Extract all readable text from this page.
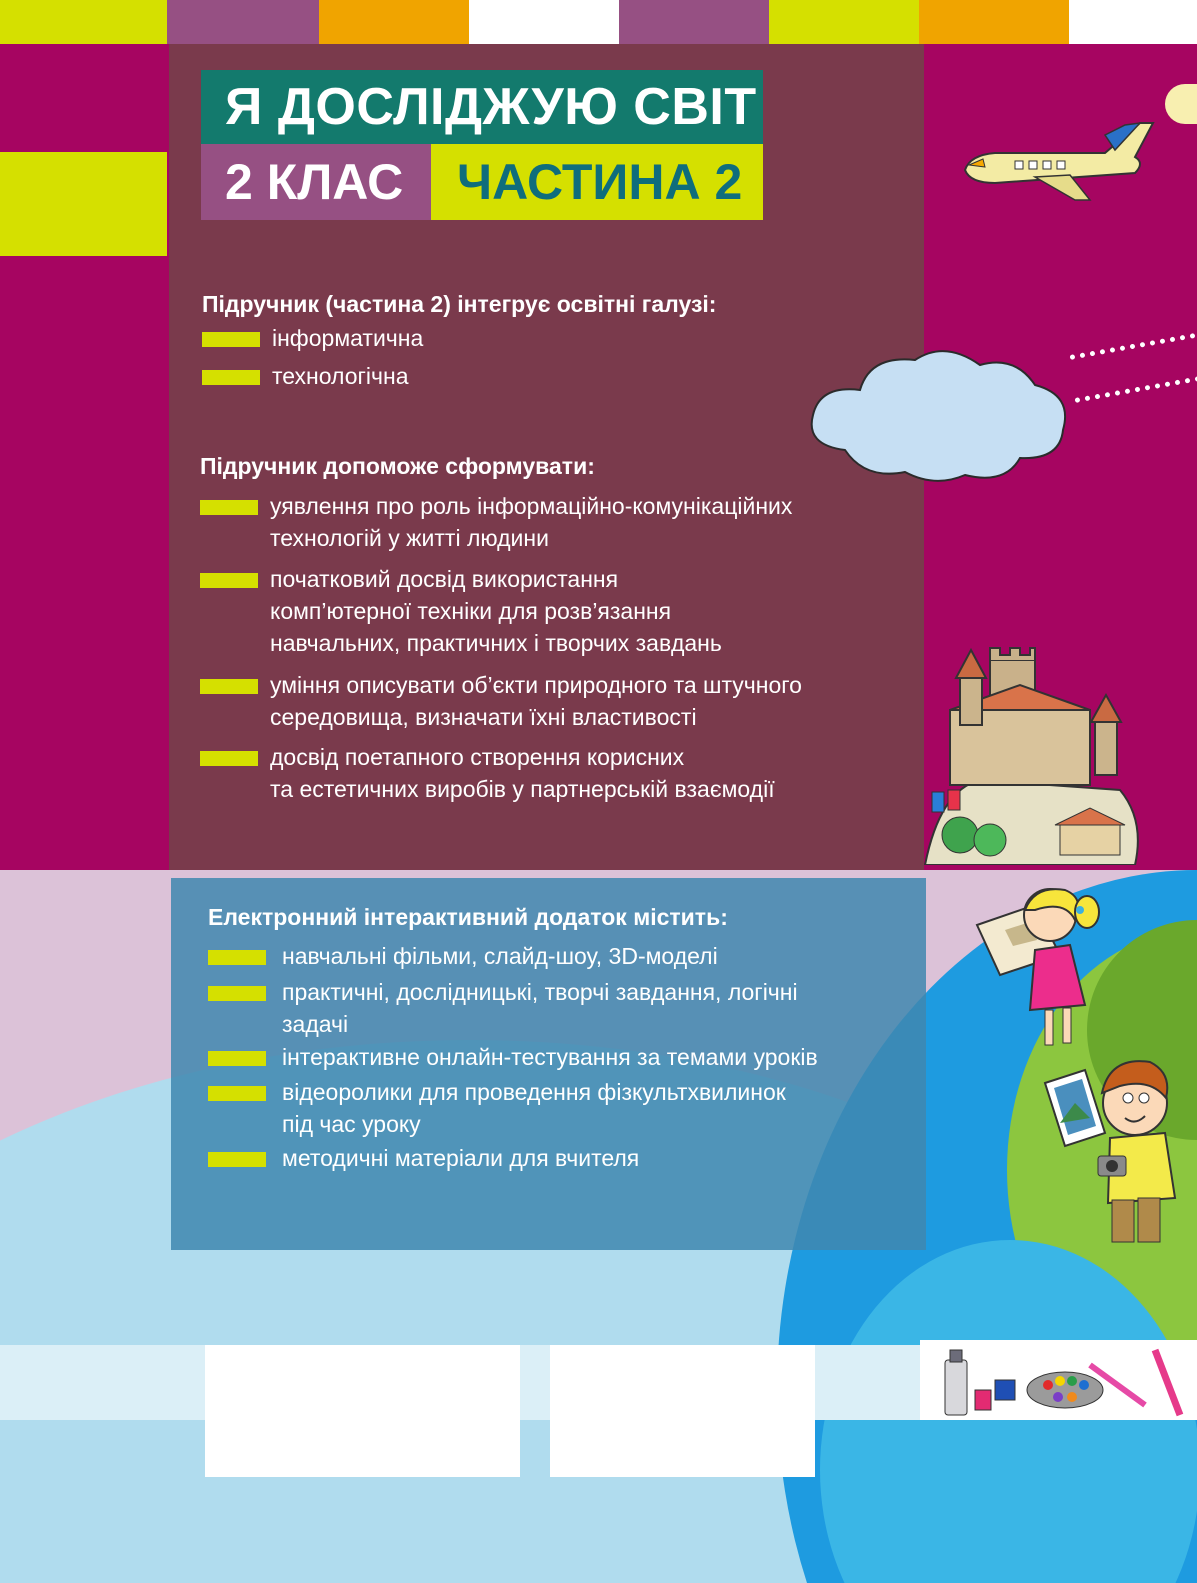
Я ДОСЛІДЖУЮ СВІТ
2 КЛАС	ЧАСТИНА 2
Підручник (частина 2) інтегрує освітні галузі:
інформатична
технологічна
Підручник допоможе сформувати:
уявлення про роль інформаційно-комунікаційних
технологій у житті людини
початковий досвід використання
комп’ютерної техніки для розв’язання
навчальних, практичних і творчих завдань
уміння описувати об’єкти природного та штучного
середовища, визначати їхні властивості
досвід поетапного створення корисних
та естетичних виробів у партнерській взаємодії
Електронний інтерактивний додаток містить:
навчальні фільми, слайд-шоу, 3D-моделі
практичні, дослідницькі, творчі завдання, логічні
задачі
інтерактивне онлайн-тестування за темами уроків
відеоролики для проведення фізкультхвилинок
під час уроку
методичні матеріали для вчителя
